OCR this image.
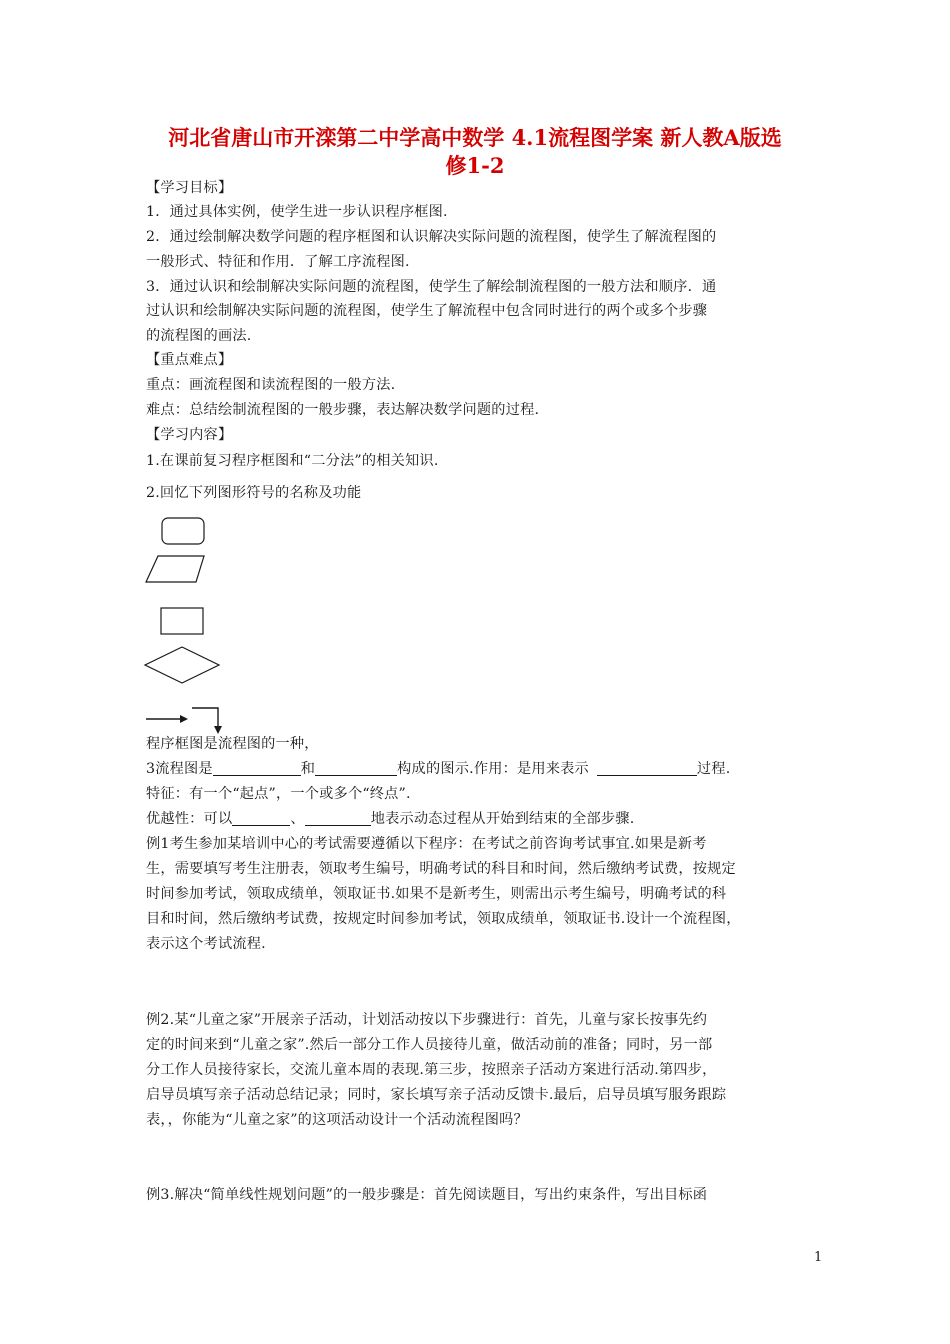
河北省唐山市开滦第二中学高中数学 4.1流程图学案 新人教A版选
修1-2
【学习目标】
1．通过具体实例，使学生进一步认识程序框图.
2．通过绘制解决数学问题的程序框图和认识解决实际问题的流程图，使学生了解流程图的
一般形式、特征和作用．了解工序流程图.
3．通过认识和绘制解决实际问题的流程图，使学生了解绘制流程图的一般方法和顺序．通
过认识和绘制解决实际问题的流程图，使学生了解流程中包含同时进行的两个或多个步骤
的流程图的画法.
【重点难点】
重点：画流程图和读流程图的一般方法.
难点：总结绘制流程图的一般步骤，表达解决数学问题的过程.
【学习内容】
1.在课前复习程序框图和“二分法”的相关知识.
2.回忆下列图形符号的名称及功能
程序框图是流程图的一种，
3流程图是	和	构成的图示.作用：是用来表示	过程.
特征：有一个“起点”，一个或多个“终点”.
优越性：可以	、	地表示动态过程从开始到结束的全部步骤.
例1考生参加某培训中心的考试需要遵循以下程序：在考试之前咨询考试事宜.如果是新考
生，需要填写考生注册表，领取考生编号，明确考试的科目和时间，然后缴纳考试费，按规定
时间参加考试，领取成绩单，领取证书.如果不是新考生，则需出示考生编号，明确考试的科
目和时间，然后缴纳考试费，按规定时间参加考试，领取成绩单，领取证书.设计一个流程图，
表示这个考试流程.
例2.某“儿童之家”开展亲子活动，计划活动按以下步骤进行：首先，儿童与家长按事先约
定的时间来到“儿童之家”.然后一部分工作人员接待儿童，做活动前的准备；同时，另一部
分工作人员接待家长，交流儿童本周的表现.第三步，按照亲子活动方案进行活动.第四步，
启导员填写亲子活动总结记录；同时，家长填写亲子活动反馈卡.最后，启导员填写服务跟踪
表，，你能为“儿童之家”的这项活动设计一个活动流程图吗？
例3.解决“简单线性规划问题”的一般步骤是：首先阅读题目，写出约束条件，写出目标函
1
